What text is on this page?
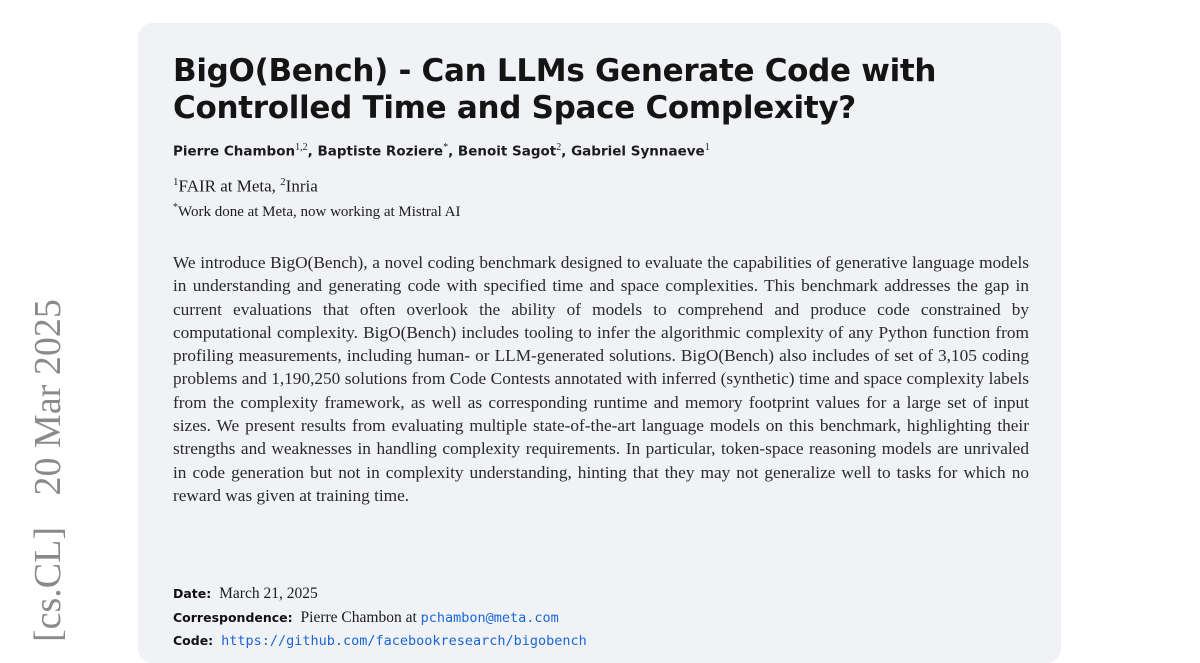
[cs.CL] 20 Mar 2025
BigO(Bench) - Can LLMs Generate Code with Controlled Time and Space Complexity?

Pierre Chambon$^{1,2}$, Baptiste Roziere*, Benoit Sagot$^2$, Gabriel Synnaeve$^1$

$^1$FAIR at Meta, $^2$Inria

*Work done at Meta, now working at Mistral AI

We introduce BigO(Bench), a novel coding benchmark designed to evaluate the capabilities of generative language models in understanding and generating code with specified time and space complexities. This benchmark addresses the gap in current evaluations that often overlook the ability of models to comprehend and produce code constrained by computational complexity. BigO(Bench) includes tooling to infer the algorithmic complexity of any Python function from profiling measurements, including human- or LLM-generated solutions. BigO(Bench) also includes of set of 3,105 coding problems and 1,190,250 solutions from Code Contests annotated with inferred (synthetic) time and space complexity labels from the complexity framework, as well as corresponding runtime and memory footprint values for a large set of input sizes. We present results from evaluating multiple state-of-the-art language models on this benchmark, highlighting their strengths and weaknesses in handling complexity requirements. In particular, token-space reasoning models are unrivaled in code generation but not in complexity understanding, hinting that they may not generalize well to tasks for which no reward was given at training time.

Date: March 21, 2025

Correspondence: Pierre Chambon at pchambon@meta.com

Code: https://github.com/facebookresearch/bigobench
